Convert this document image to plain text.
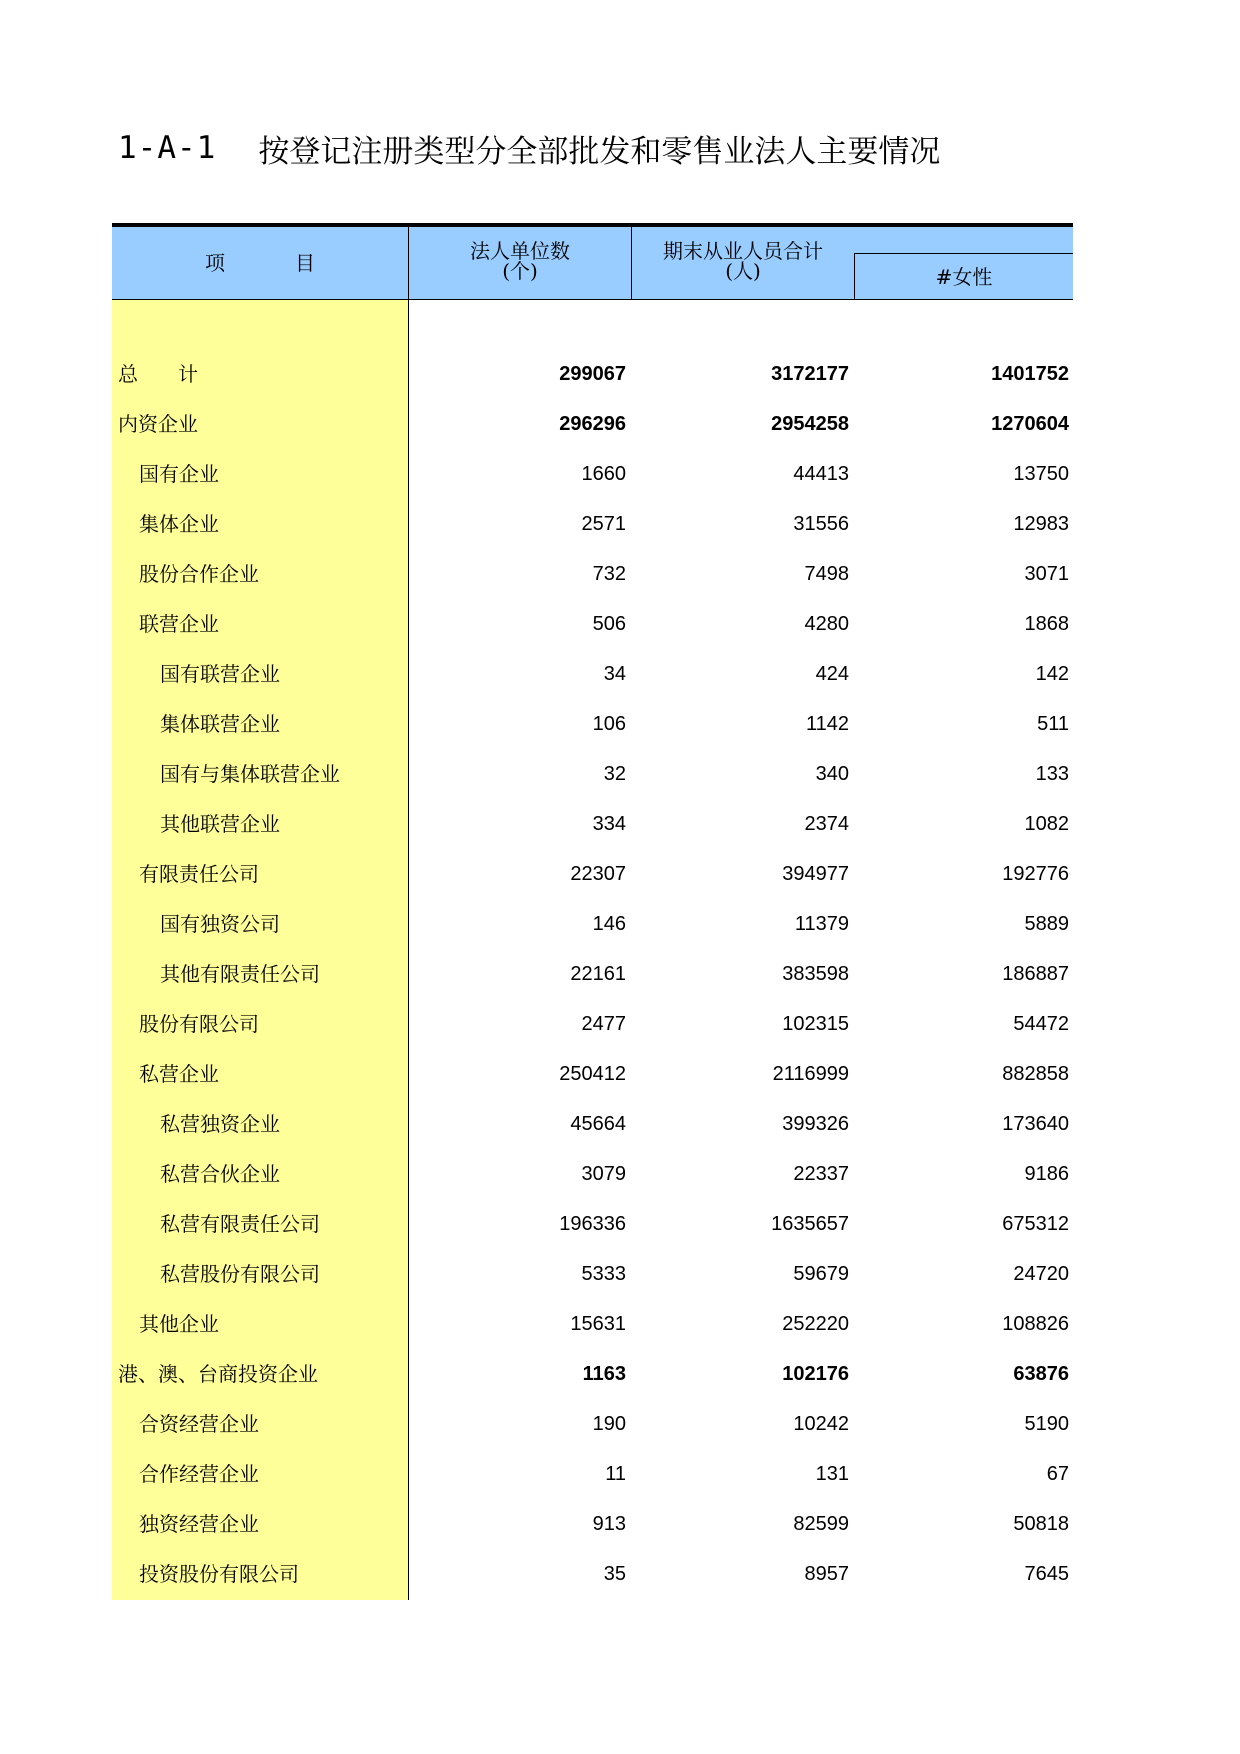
1-A-1 按登记注册类型分全部批发和零售业法人主要情况
项	目	法人单位数
(个)
期末从业人员合计
(人)	#女性
总　　计	299067	3172177	1401752
内资企业	296296	2954258	1270604
国有企业	1660	44413	13750
集体企业	2571	31556	12983
股份合作企业	732	7498	3071
联营企业	506	4280	1868
国有联营企业	34	424	142
集体联营企业	106	1142	511
国有与集体联营企业	32	340	133
其他联营企业	334	2374	1082
有限责任公司	22307	394977	192776
国有独资公司	146	11379	5889
其他有限责任公司	22161	383598	186887
股份有限公司	2477	102315	54472
私营企业	250412	2116999	882858
私营独资企业	45664	399326	173640
私营合伙企业	3079	22337	9186
私营有限责任公司	196336	1635657	675312
私营股份有限公司	5333	59679	24720
其他企业	15631	252220	108826
港、澳、台商投资企业	1163	102176	63876
合资经营企业	190	10242	5190
合作经营企业	11	131	67
独资经营企业	913	82599	50818
投资股份有限公司	35	8957	7645
